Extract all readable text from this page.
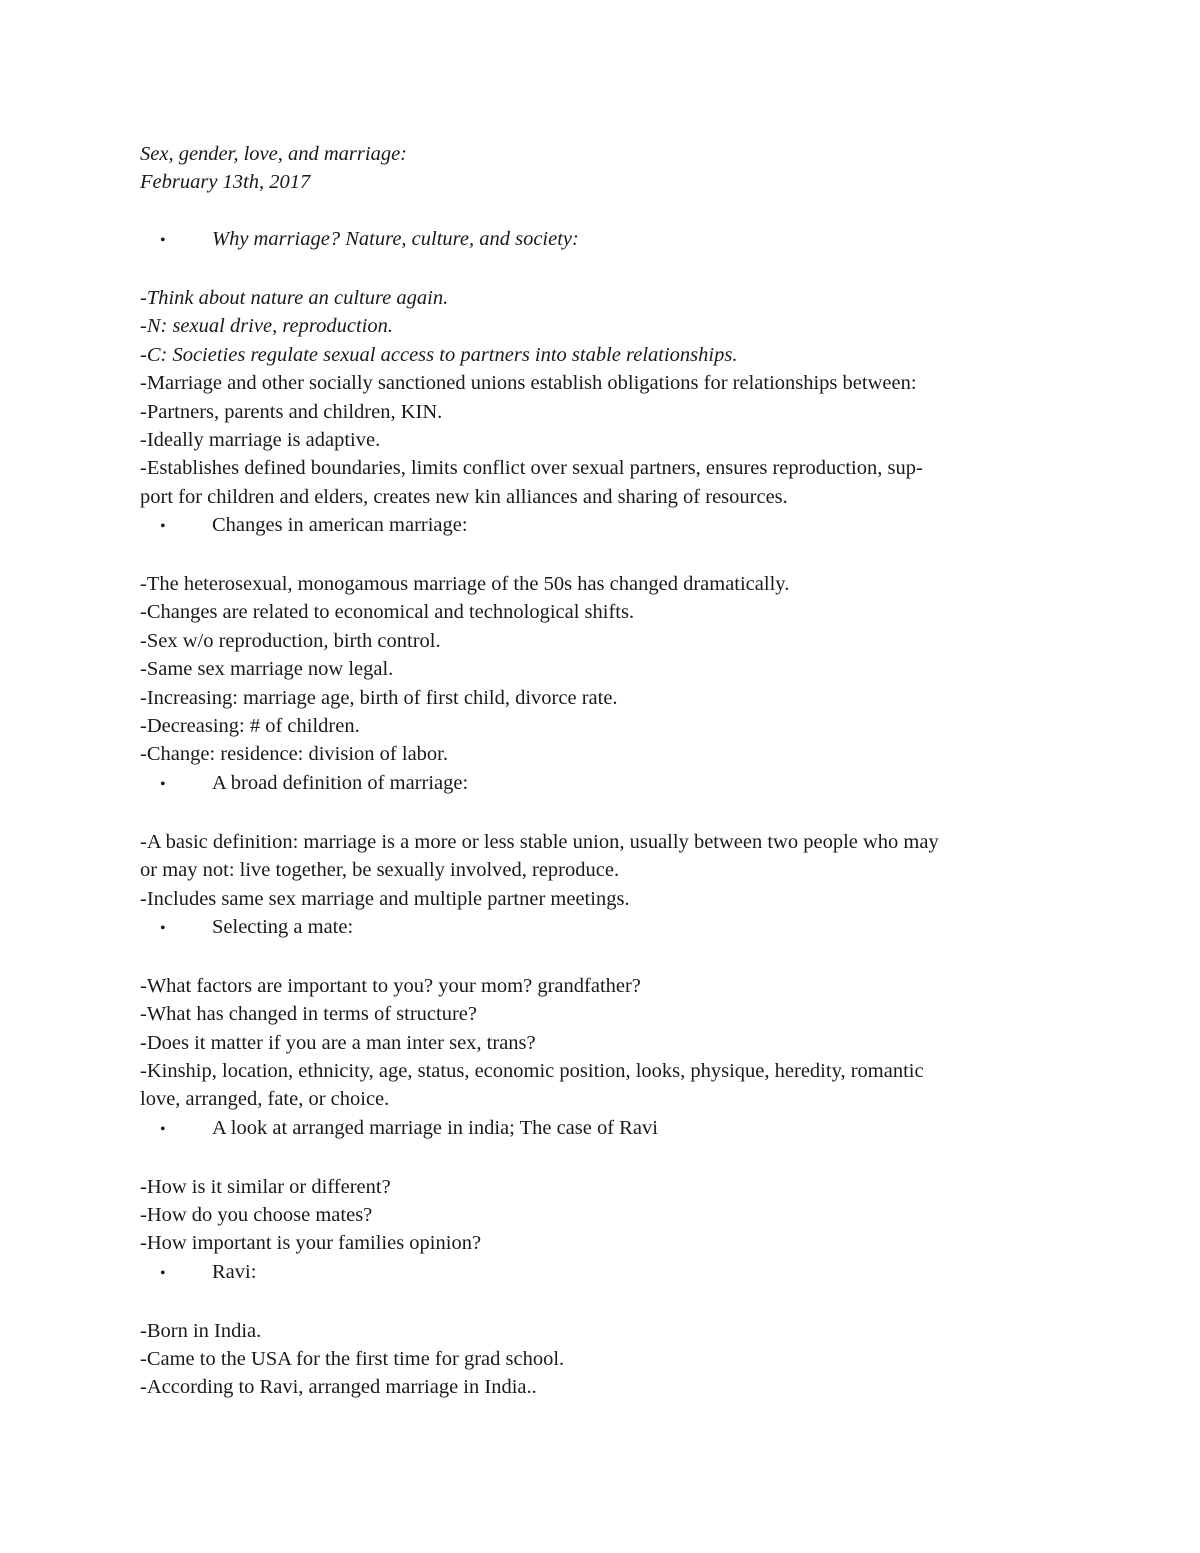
Sex, gender, love, and marriage:
February 13th, 2017
•	Why marriage? Nature, culture, and society:
-Think about nature an culture again.
-N: sexual drive, reproduction.
-C: Societies regulate sexual access to partners into stable relationships.
-Marriage and other socially sanctioned unions establish obligations for relationships between:
-Partners, parents and children, KIN.
-Ideally marriage is adaptive.
-Establishes defined boundaries, limits conflict over sexual partners, ensures reproduction, sup-
port for children and elders, creates new kin alliances and sharing of resources.
•	Changes in american marriage:
-The heterosexual, monogamous marriage of the 50s has changed dramatically.
-Changes are related to economical and technological shifts.
-Sex w/o reproduction, birth control.
-Same sex marriage now legal.
-Increasing: marriage age, birth of first child, divorce rate.
-Decreasing: # of children.
-Change: residence: division of labor.
•	A broad definition of marriage:
-A basic definition: marriage is a more or less stable union, usually between two people who may
or may not: live together, be sexually involved, reproduce.
-Includes same sex marriage and multiple partner meetings.
•	Selecting a mate:
-What factors are important to you? your mom? grandfather?
-What has changed in terms of structure?
-Does it matter if you are a man inter sex, trans?
-Kinship, location, ethnicity, age, status, economic position, looks, physique, heredity, romantic
love, arranged, fate, or choice.
•	A look at arranged marriage in india; The case of Ravi
-How is it similar or different?
-How do you choose mates?
-How important is your families opinion?
•	Ravi:
-Born in India.
-Came to the USA for the first time for grad school.
-According to Ravi, arranged marriage in India..
